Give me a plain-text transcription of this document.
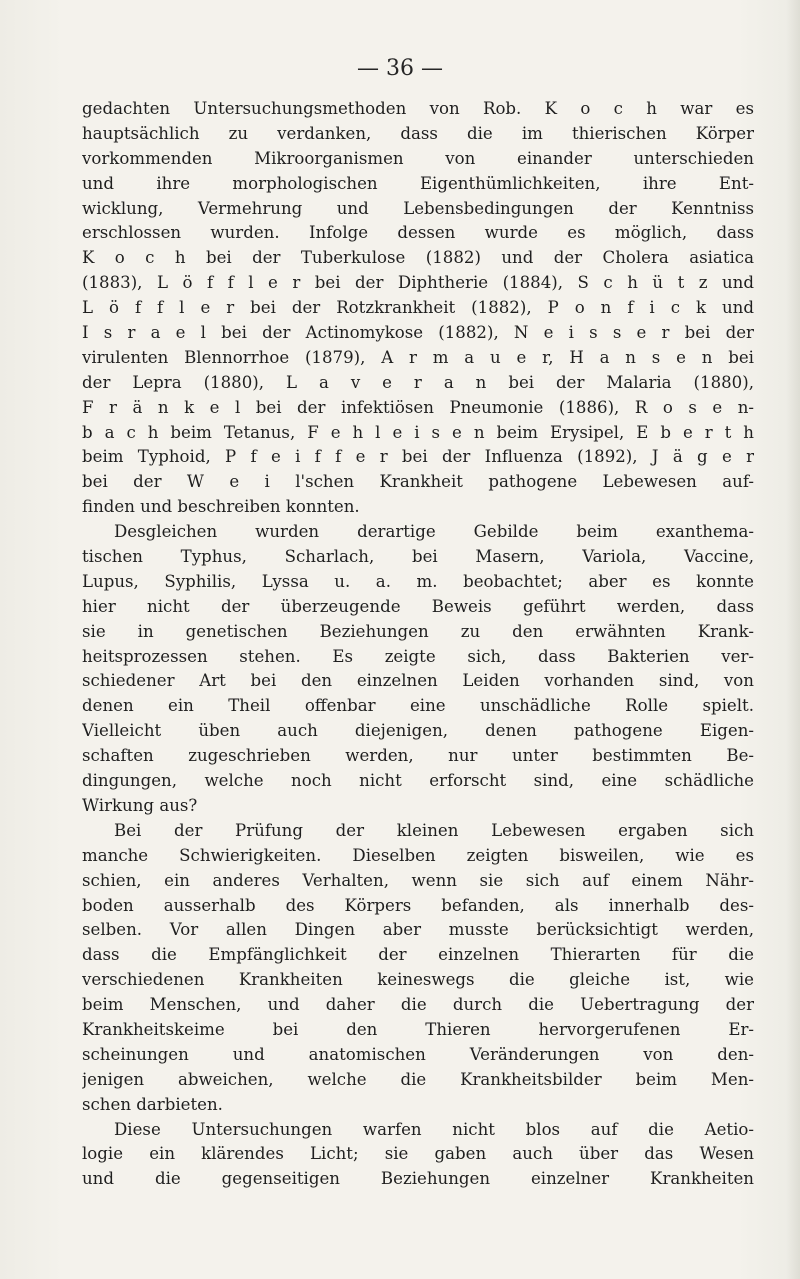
— 36 —
gedachten Untersuchungsmethoden von Rob. K o c h war es
hauptsächlich zu verdanken, dass die im thierischen Körper
vorkommenden Mikroorganismen von einander unterschieden
und ihre morphologischen Eigenthümlichkeiten, ihre Ent-
wicklung, Vermehrung und Lebensbedingungen der Kenntniss
erschlossen wurden. Infolge dessen wurde es möglich, dass
K o c h bei der Tuberkulose (1882) und der Cholera asiatica
(1883), L ö f f l e r bei der Diphtherie (1884), S c h ü t z und
L ö f f l e r bei der Rotzkrankheit (1882), P o n f i c k und
I s r a e l bei der Actinomykose (1882), N e i s s e r bei der
virulenten Blennorrhoe (1879), A r m a u e r, H a n s e n bei
der Lepra (1880), L a v e r a n bei der Malaria (1880),
F r ä n k e l bei der infektiösen Pneumonie (1886), R o s e n-
b a c h beim Tetanus, F e h l e i s e n beim Erysipel, E b e r t h
beim Typhoid, P f e i f f e r bei der Influenza (1892), J ä g e r
bei der W e i l'schen Krankheit pathogene Lebewesen auf-
finden und beschreiben konnten.
Desgleichen wurden derartige Gebilde beim exanthema-
tischen Typhus, Scharlach, bei Masern, Variola, Vaccine,
Lupus, Syphilis, Lyssa u. a. m. beobachtet; aber es konnte
hier nicht der überzeugende Beweis geführt werden, dass
sie in genetischen Beziehungen zu den erwähnten Krank-
heitsprozessen stehen. Es zeigte sich, dass Bakterien ver-
schiedener Art bei den einzelnen Leiden vorhanden sind, von
denen ein Theil offenbar eine unschädliche Rolle spielt.
Vielleicht üben auch diejenigen, denen pathogene Eigen-
schaften zugeschrieben werden, nur unter bestimmten Be-
dingungen, welche noch nicht erforscht sind, eine schädliche
Wirkung aus?
Bei der Prüfung der kleinen Lebewesen ergaben sich
manche Schwierigkeiten. Dieselben zeigten bisweilen, wie es
schien, ein anderes Verhalten, wenn sie sich auf einem Nähr-
boden ausserhalb des Körpers befanden, als innerhalb des-
selben. Vor allen Dingen aber musste berücksichtigt werden,
dass die Empfänglichkeit der einzelnen Thierarten für die
verschiedenen Krankheiten keineswegs die gleiche ist, wie
beim Menschen, und daher die durch die Uebertragung der
Krankheitskeime bei den Thieren hervorgerufenen Er-
scheinungen und anatomischen Veränderungen von den-
jenigen abweichen, welche die Krankheitsbilder beim Men-
schen darbieten.
Diese Untersuchungen warfen nicht blos auf die Aetio-
logie ein klärendes Licht; sie gaben auch über das Wesen
und die gegenseitigen Beziehungen einzelner Krankheiten
